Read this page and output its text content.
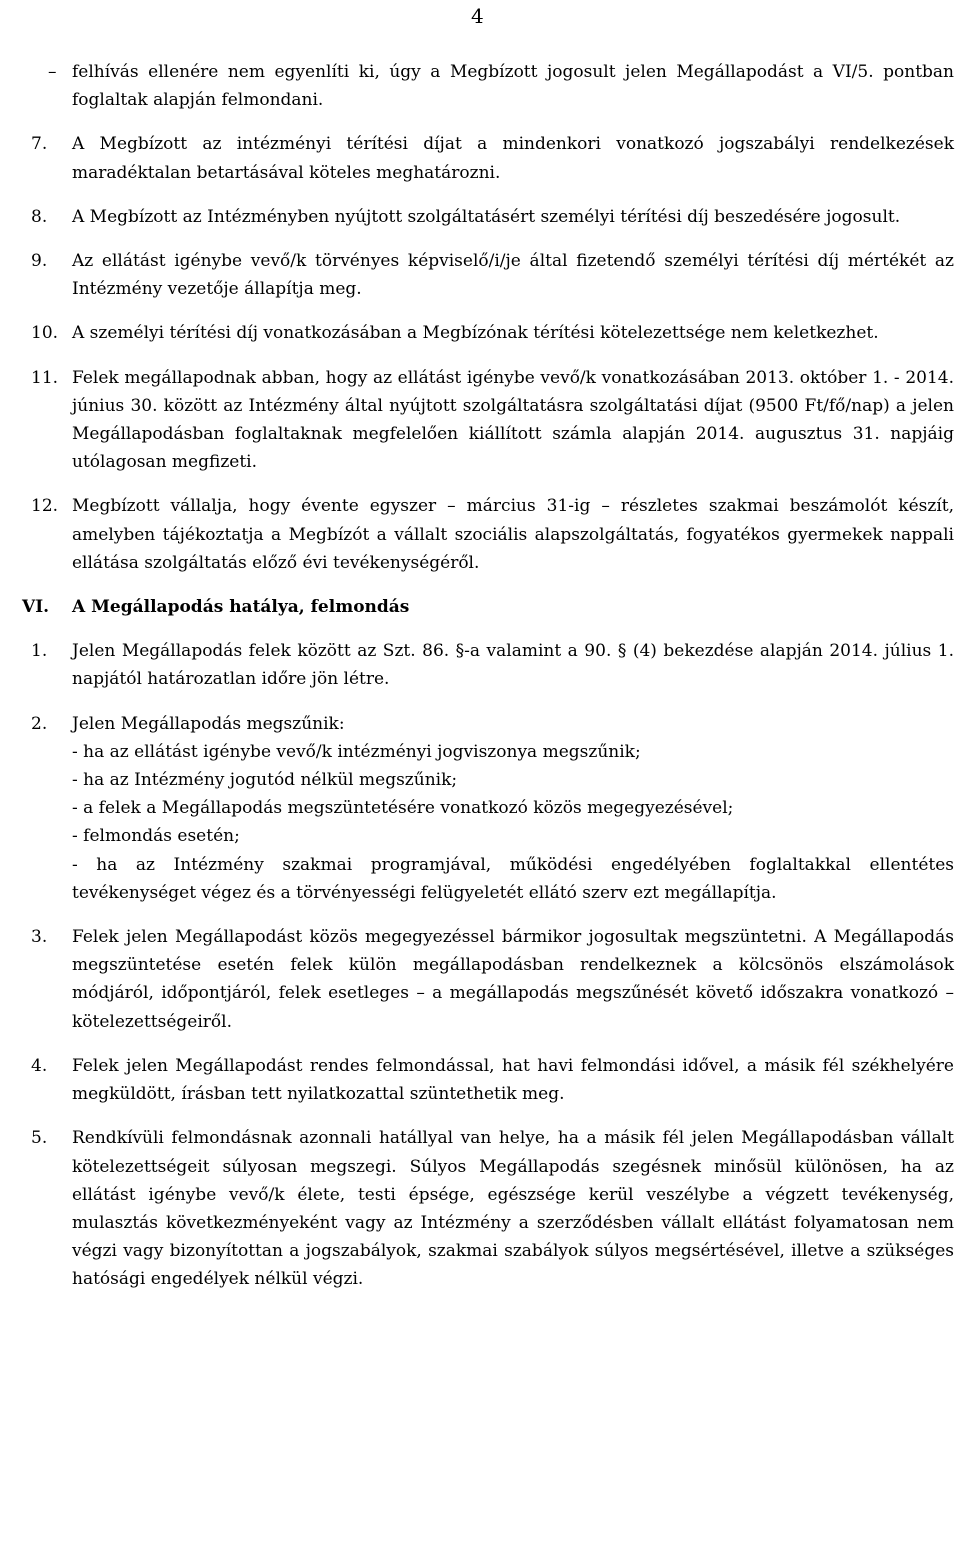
4
– felhívás ellenére nem egyenlíti ki, úgy a Megbízott jogosult jelen Megállapodást a VI/5. pontban foglaltak alapján felmondani.
7.	A Megbízott az intézményi térítési díjat a mindenkori vonatkozó jogszabályi rendelkezések maradéktalan betartásával köteles meghatározni.
8.	A Megbízott az Intézményben nyújtott szolgáltatásért személyi térítési díj beszedésére jogosult.
9.	Az ellátást igénybe vevő/k törvényes képviselő/i/je által fizetendő személyi térítési díj mértékét az Intézmény vezetője állapítja meg.
10. A személyi térítési díj vonatkozásában a Megbízónak térítési kötelezettsége nem keletkezhet.
11. Felek megállapodnak abban, hogy az ellátást igénybe vevő/k vonatkozásában 2013. október 1. - 2014. június 30. között az Intézmény által nyújtott szolgáltatásra szolgáltatási díjat (9500 Ft/fő/nap) a jelen Megállapodásban foglaltaknak megfelelően kiállított számla alapján 2014. augusztus 31. napjáig utólagosan megfizeti.
12. Megbízott vállalja, hogy évente egyszer – március 31-ig – részletes szakmai beszámolót készít, amelyben tájékoztatja a Megbízót a vállalt szociális alapszolgáltatás, fogyatékos gyermekek nappali ellátása szolgáltatás előző évi tevékenységéről.
VI.	A Megállapodás hatálya, felmondás
1.	Jelen Megállapodás felek között az Szt. 86. §-a valamint a 90. § (4) bekezdése alapján 2014. július 1. napjától határozatlan időre jön létre.
2.	Jelen Megállapodás megszűnik:
- ha az ellátást igénybe vevő/k intézményi jogviszonya megszűnik;
- ha az Intézmény jogutód nélkül megszűnik;
- a felek a Megállapodás megszüntetésére vonatkozó közös megegyezésével;
- felmondás esetén;
- ha az Intézmény szakmai programjával, működési engedélyében foglaltakkal ellentétes tevékenységet végez és a törvényességi felügyeletét ellátó szerv ezt megállapítja.
3.	Felek jelen Megállapodást közös megegyezéssel bármikor jogosultak megszüntetni. A Megállapodás megszüntetése esetén felek külön megállapodásban rendelkeznek a kölcsönös elszámolások módjáról, időpontjáról, felek esetleges – a megállapodás megszűnését követő időszakra vonatkozó – kötelezettségeiről.
4.	Felek jelen Megállapodást rendes felmondással, hat havi felmondási idővel, a másik fél székhelyére megküldött, írásban tett nyilatkozattal szüntethetik meg.
5.	Rendkívüli felmondásnak azonnali hatállyal van helye, ha a másik fél jelen Megállapodásban vállalt kötelezettségeit súlyosan megszegi. Súlyos Megállapodás szegésnek minősül különösen, ha az ellátást igénybe vevő/k élete, testi épsége, egészsége kerül veszélybe a végzett tevékenység, mulasztás következményeként vagy az Intézmény a szerződésben vállalt ellátást folyamatosan nem végzi vagy bizonyítottan a jogszabályok, szakmai szabályok súlyos megsértésével, illetve a szükséges hatósági engedélyek nélkül végzi.
